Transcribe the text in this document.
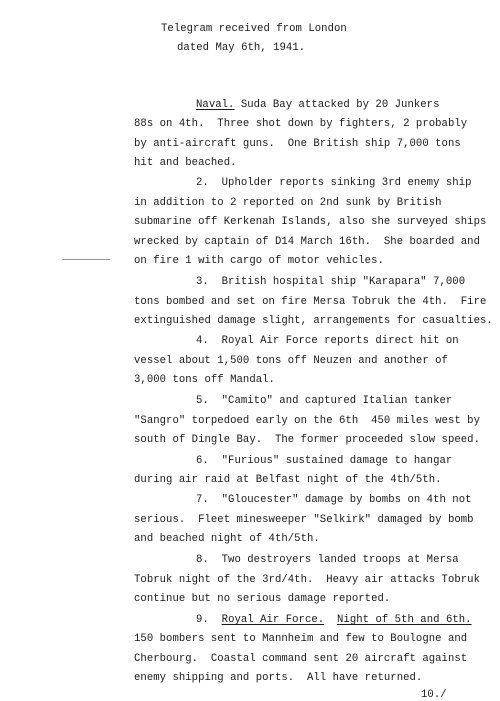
Telegram received from London
dated May 6th, 1941.
Naval. Suda Bay attacked by 20 Junkers
88s on 4th.  Three shot down by fighters, 2 probably
by anti-aircraft guns.  One British ship 7,000 tons
hit and beached.
2.  Upholder reports sinking 3rd enemy ship
in addition to 2 reported on 2nd sunk by British
submarine off Kerkenah Islands, also she surveyed ships
wrecked by captain of D14 March 16th.  She boarded and
on fire 1 with cargo of motor vehicles.
3.  British hospital ship "Karapara" 7,000
tons bombed and set on fire Mersa Tobruk the 4th.  Fire
extinguished damage slight, arrangements for casualties.
4.  Royal Air Force reports direct hit on
vessel about 1,500 tons off Neuzen and another of
3,000 tons off Mandal.
5.  "Camito" and captured Italian tanker
"Sangro" torpedoed early on the 6th  450 miles west by
south of Dingle Bay.  The former proceeded slow speed.
6.  "Furious" sustained damage to hangar
during air raid at Belfast night of the 4th/5th.
7.  "Gloucester" damage by bombs on 4th not
serious.  Fleet minesweeper "Selkirk" damaged by bomb
and beached night of 4th/5th.
8.  Two destroyers landed troops at Mersa
Tobruk night of the 3rd/4th.  Heavy air attacks Tobruk
continue but no serious damage reported.
9. Royal Air Force. Night of 5th and 6th.
150 bombers sent to Mannheim and few to Boulogne and
Cherbourg.  Coastal command sent 20 aircraft against
enemy shipping and ports.  All have returned.
10./
